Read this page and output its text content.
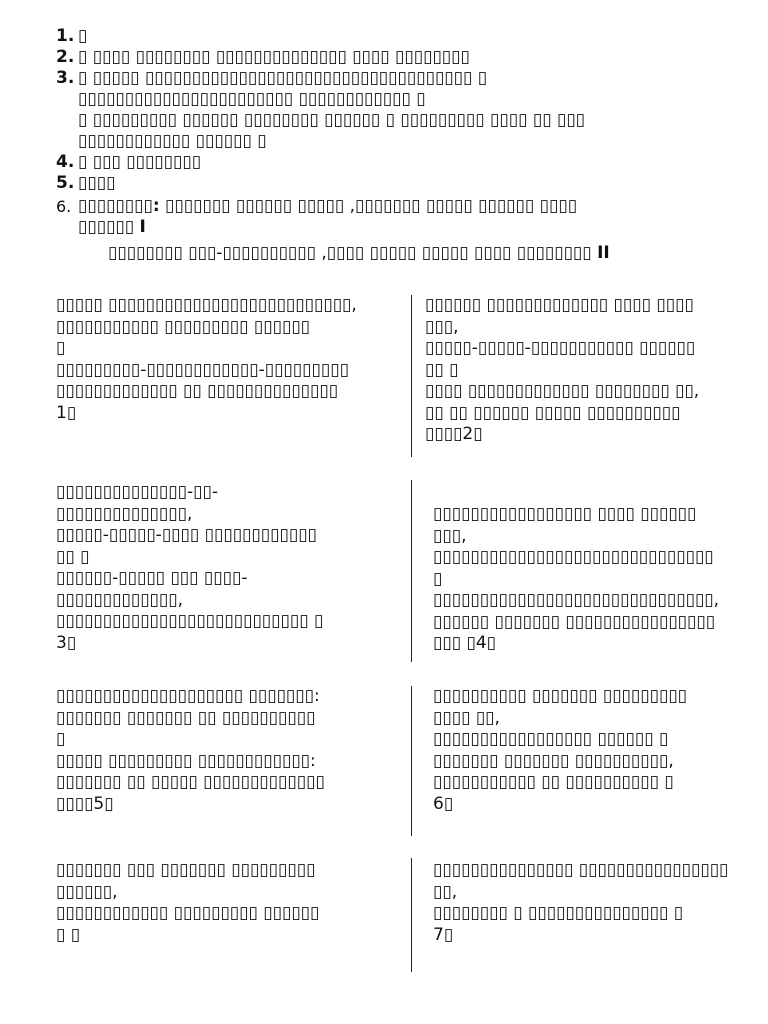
1. ▯
2. ▯ ▯▯▯▯ ▯▯▯▯▯▯▯▯ ▯▯▯▯▯▯▯▯▯▯▯▯▯▯ ▯▯▯▯ ▯▯▯▯▯▯▯▯
3. ▯ ▯▯▯▯▯ ▯▯▯▯▯▯▯▯▯▯▯▯▯▯▯▯▯▯▯▯▯▯▯▯▯▯▯▯▯▯▯▯▯▯▯ ▯
▯▯▯▯▯▯▯▯▯▯▯▯▯▯▯▯▯▯▯▯▯▯▯ ▯▯▯▯▯▯▯▯▯▯▯▯ ▯
▯ ▯▯▯▯▯▯▯▯▯ ▯▯▯▯▯▯ ▯▯▯▯▯▯▯▯ ▯▯▯▯▯▯ ▯ ▯▯▯▯▯▯▯▯▯ ▯▯▯▯ ▯▯ ▯▯▯
▯▯▯▯▯▯▯▯▯▯▯▯ ▯▯▯▯▯▯ ▯
4. ▯ ▯▯▯ ▯▯▯▯▯▯▯▯
5. ▯▯▯▯
6. ▯▯▯▯▯▯▯▯: ▯▯▯▯▯▯▯ ▯▯▯▯▯▯ ▯▯▯▯▯ ,▯▯▯▯▯▯▯ ▯▯▯▯▯ ▯▯▯▯▯▯ ▯▯▯▯
▯▯▯▯▯▯ I
▯▯▯▯▯▯▯▯ ▯▯▯-▯▯▯▯▯▯▯▯▯▯ ,▯▯▯▯ ▯▯▯▯▯ ▯▯▯▯▯ ▯▯▯▯ ▯▯▯▯▯▯▯▯ II
▯▯▯▯▯ ▯▯▯▯▯▯▯▯▯▯▯▯▯▯▯▯▯▯▯▯▯▯▯▯▯▯,
▯▯▯▯▯▯▯▯▯▯▯ ▯▯▯▯▯▯▯▯▯ ▯▯▯▯▯▯
▯
▯▯▯▯▯▯▯▯▯-▯▯▯▯▯▯▯▯▯▯▯▯-▯▯▯▯▯▯▯▯▯
▯▯▯▯▯▯▯▯▯▯▯▯▯ ▯▯ ▯▯▯▯▯▯▯▯▯▯▯▯▯▯
1▯
▯▯▯▯▯▯ ▯▯▯▯▯▯▯▯▯▯▯▯▯ ▯▯▯▯ ▯▯▯▯
▯▯▯,
▯▯▯▯▯-▯▯▯▯▯-▯▯▯▯▯▯▯▯▯▯▯ ▯▯▯▯▯▯
▯▯ ▯
▯▯▯▯ ▯▯▯▯▯▯▯▯▯▯▯▯▯ ▯▯▯▯▯▯▯▯ ▯▯,
▯▯ ▯▯ ▯▯▯▯▯▯ ▯▯▯▯▯ ▯▯▯▯▯▯▯▯▯▯
▯▯▯▯2▯
▯▯▯▯▯▯▯▯▯▯▯▯▯▯-▯▯-
▯▯▯▯▯▯▯▯▯▯▯▯▯▯,
▯▯▯▯▯-▯▯▯▯▯-▯▯▯▯ ▯▯▯▯▯▯▯▯▯▯▯▯
▯▯ ▯
▯▯▯▯▯▯-▯▯▯▯▯ ▯▯▯ ▯▯▯▯-
▯▯▯▯▯▯▯▯▯▯▯▯▯,
▯▯▯▯▯▯▯▯▯▯▯▯▯▯▯▯▯▯▯▯▯▯▯▯▯▯▯ ▯
3▯
▯▯▯▯▯▯▯▯▯▯▯▯▯▯▯▯▯ ▯▯▯▯ ▯▯▯▯▯▯
▯▯▯,
▯▯▯▯▯▯▯▯▯▯▯▯▯▯▯▯▯▯▯▯▯▯▯▯▯▯▯▯▯▯
▯
▯▯▯▯▯▯▯▯▯▯▯▯▯▯▯▯▯▯▯▯▯▯▯▯▯▯▯▯▯▯,
▯▯▯▯▯▯ ▯▯▯▯▯▯▯ ▯▯▯▯▯▯▯▯▯▯▯▯▯▯▯▯
▯▯▯ ▯4▯
▯▯▯▯▯▯▯▯▯▯▯▯▯▯▯▯▯▯▯▯ ▯▯▯▯▯▯▯:
▯▯▯▯▯▯▯ ▯▯▯▯▯▯▯ ▯▯ ▯▯▯▯▯▯▯▯▯▯
▯
▯▯▯▯▯ ▯▯▯▯▯▯▯▯▯ ▯▯▯▯▯▯▯▯▯▯▯▯:
▯▯▯▯▯▯▯ ▯▯ ▯▯▯▯▯ ▯▯▯▯▯▯▯▯▯▯▯▯▯
▯▯▯▯5▯
▯▯▯▯▯▯▯▯▯▯ ▯▯▯▯▯▯▯ ▯▯▯▯▯▯▯▯▯
▯▯▯▯ ▯▯,
▯▯▯▯▯▯▯▯▯▯▯▯▯▯▯▯▯ ▯▯▯▯▯▯ ▯
▯▯▯▯▯▯▯ ▯▯▯▯▯▯▯ ▯▯▯▯▯▯▯▯▯▯,
▯▯▯▯▯▯▯▯▯▯▯ ▯▯ ▯▯▯▯▯▯▯▯▯▯ ▯
6▯
▯▯▯▯▯▯▯ ▯▯▯ ▯▯▯▯▯▯▯ ▯▯▯▯▯▯▯▯▯
▯▯▯▯▯▯,
▯▯▯▯▯▯▯▯▯▯▯▯ ▯▯▯▯▯▯▯▯▯ ▯▯▯▯▯▯
▯ ▯
▯▯▯▯▯▯▯▯▯▯▯▯▯▯▯ ▯▯▯▯▯▯▯▯▯▯▯▯▯▯▯▯
▯▯,
▯▯▯▯▯▯▯▯ ▯ ▯▯▯▯▯▯▯▯▯▯▯▯▯▯▯ ▯
7▯
